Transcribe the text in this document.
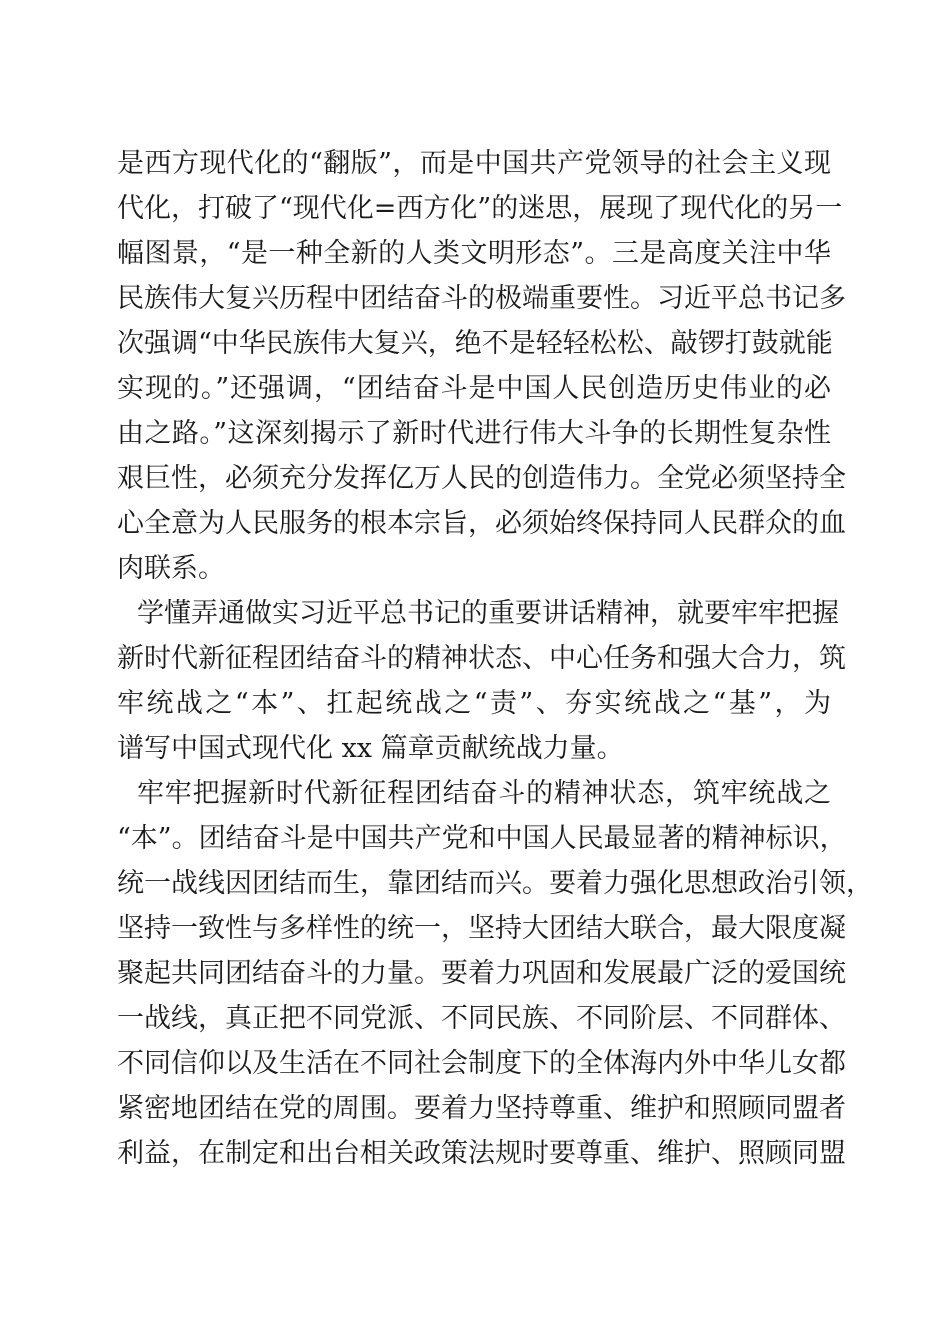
是西方现代化的“翻版”，而是中国共产党领导的社会主义现
代化，打破了“现代化=西方化”的迷思，展现了现代化的另一
幅图景，“是一种全新的人类文明形态”。三是高度关注中华
民族伟大复兴历程中团结奋斗的极端重要性。习近平总书记多
次强调“中华民族伟大复兴，绝不是轻轻松松、敲锣打鼓就能
实现的。”还强调，“团结奋斗是中国人民创造历史伟业的必
由之路。”这深刻揭示了新时代进行伟大斗争的长期性复杂性
艰巨性，必须充分发挥亿万人民的创造伟力。全党必须坚持全
心全意为人民服务的根本宗旨，必须始终保持同人民群众的血
肉联系。
学懂弄通做实习近平总书记的重要讲话精神，就要牢牢把握
新时代新征程团结奋斗的精神状态、中心任务和强大合力，筑
牢统战之“本”、扛起统战之“责”、夯实统战之“基”，为
谱写中国式现代化 xx 篇章贡献统战力量。
牢牢把握新时代新征程团结奋斗的精神状态，筑牢统战之
“本”。团结奋斗是中国共产党和中国人民最显著的精神标识，
统一战线因团结而生，靠团结而兴。要着力强化思想政治引领，
坚持一致性与多样性的统一，坚持大团结大联合，最大限度凝
聚起共同团结奋斗的力量。要着力巩固和发展最广泛的爱国统
一战线，真正把不同党派、不同民族、不同阶层、不同群体、
不同信仰以及生活在不同社会制度下的全体海内外中华儿女都
紧密地团结在党的周围。要着力坚持尊重、维护和照顾同盟者
利益，在制定和出台相关政策法规时要尊重、维护、照顾同盟
